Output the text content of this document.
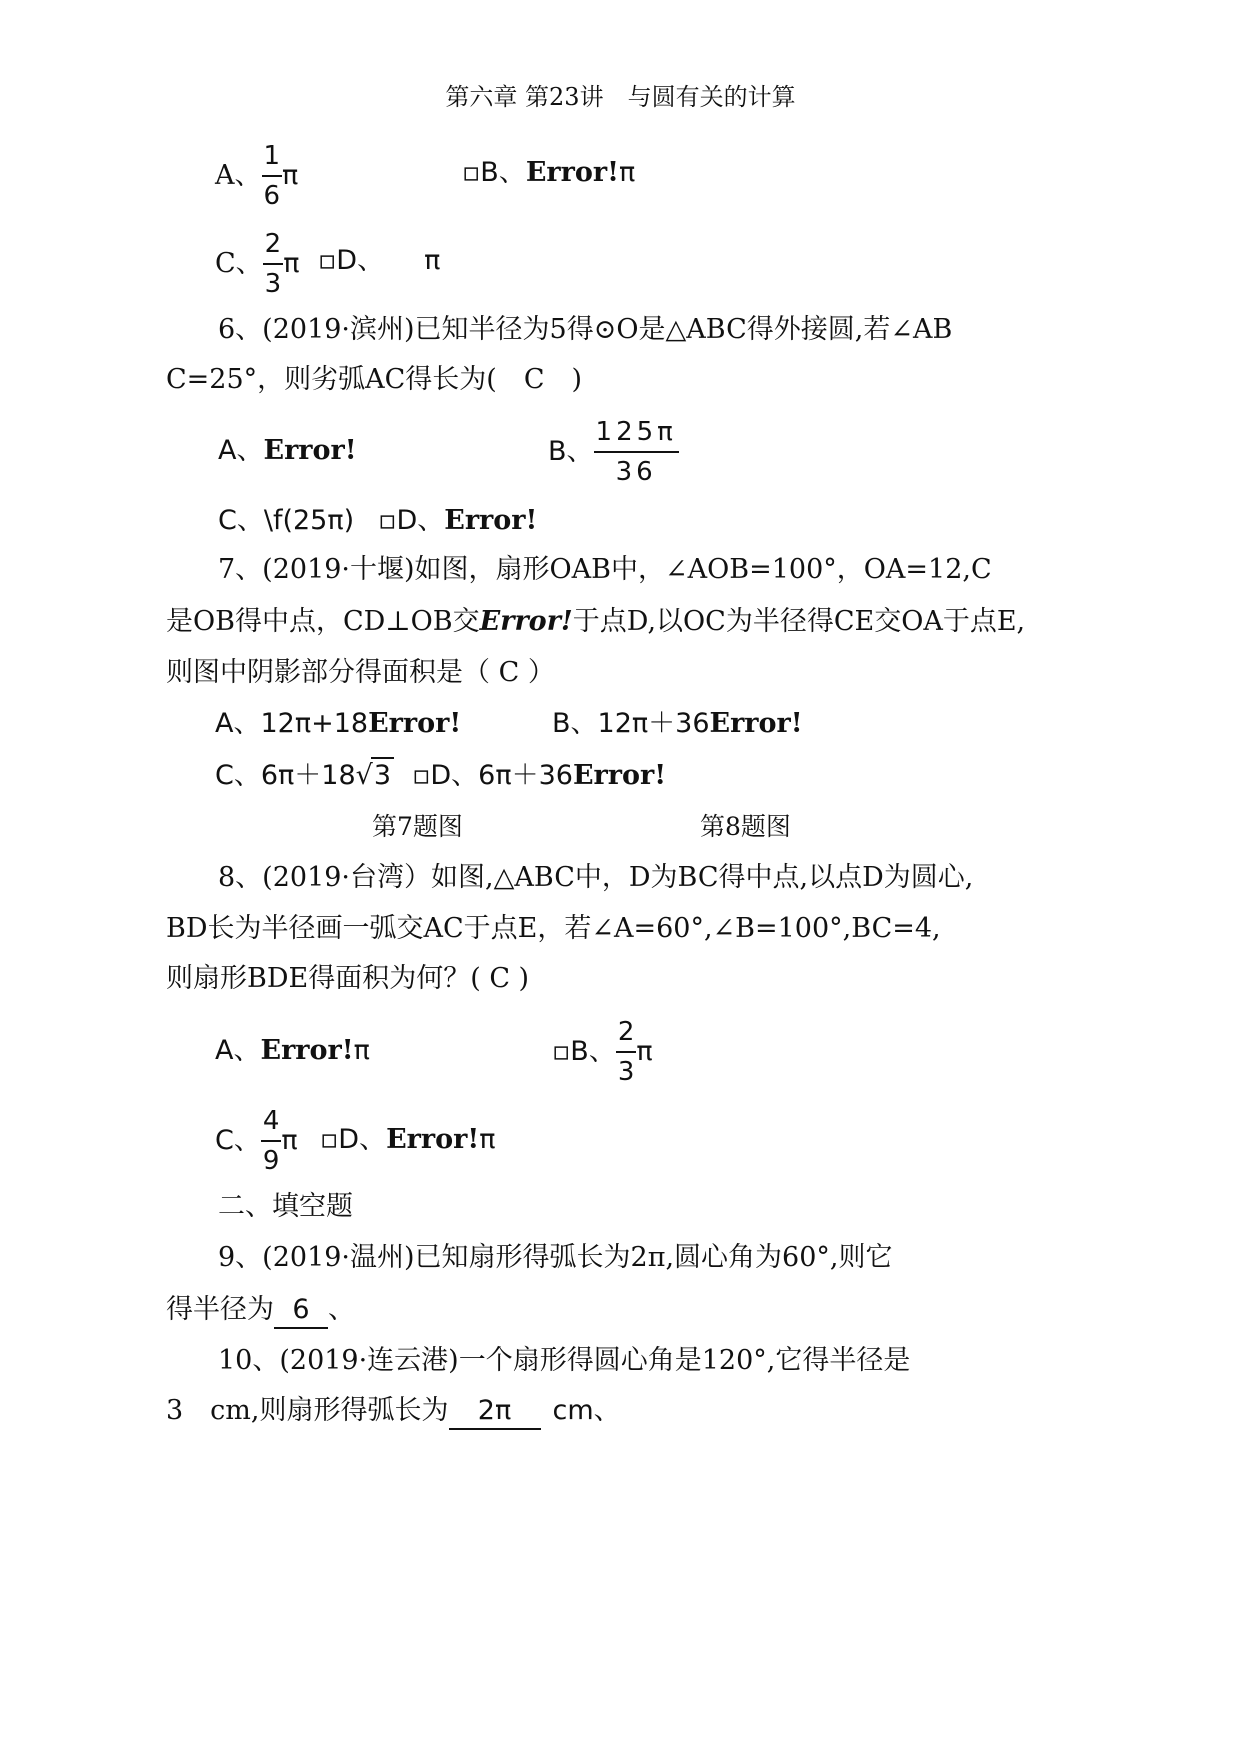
第六章 第23讲　与圆有关的计算
A、 $\frac{1}{6}$ π	▫B、Error!π
C、 $\frac{2}{3}$ π ▫D、 π
6、(2019·滨州)已知半径为5得⊙O是△ABC得外接圆,若∠AB
C=25°，则劣弧AC得长为(　C　)
A、Error!	B、 $\frac{125\pi}{36}$
C、\f(25π) ▫D、Error!
7、(2019·十堰)如图，扇形OAB中，∠AOB=100°，OA=12,C
是OB得中点，CD⊥OB交Error!于点D,以OC为半径得CE交OA于点E,
则图中阴影部分得面积是（ C ）
A、12π+18Error!	B、12π＋36Error!
C、6π＋18√3 ▫D、6π＋36Error!
第7题图	第8题图
8、(2019·台湾）如图,△ABC中，D为BC得中点,以点D为圆心,
BD长为半径画一弧交AC于点E，若∠A=60°,∠B=100°,BC=4,
则扇形BDE得面积为何？( C )
A、Error!π	▫B、 $\frac{2}{3}$ π
C、 $\frac{4}{9}$ π ▫D、Error!π
二、填空题
9、(2019·温州)已知扇形得弧长为2π,圆心角为60°,则它
得半径为 6 、
10、(2019·连云港)一个扇形得圆心角是120°,它得半径是
3　cm,则扇形得弧长为 2π cm、
